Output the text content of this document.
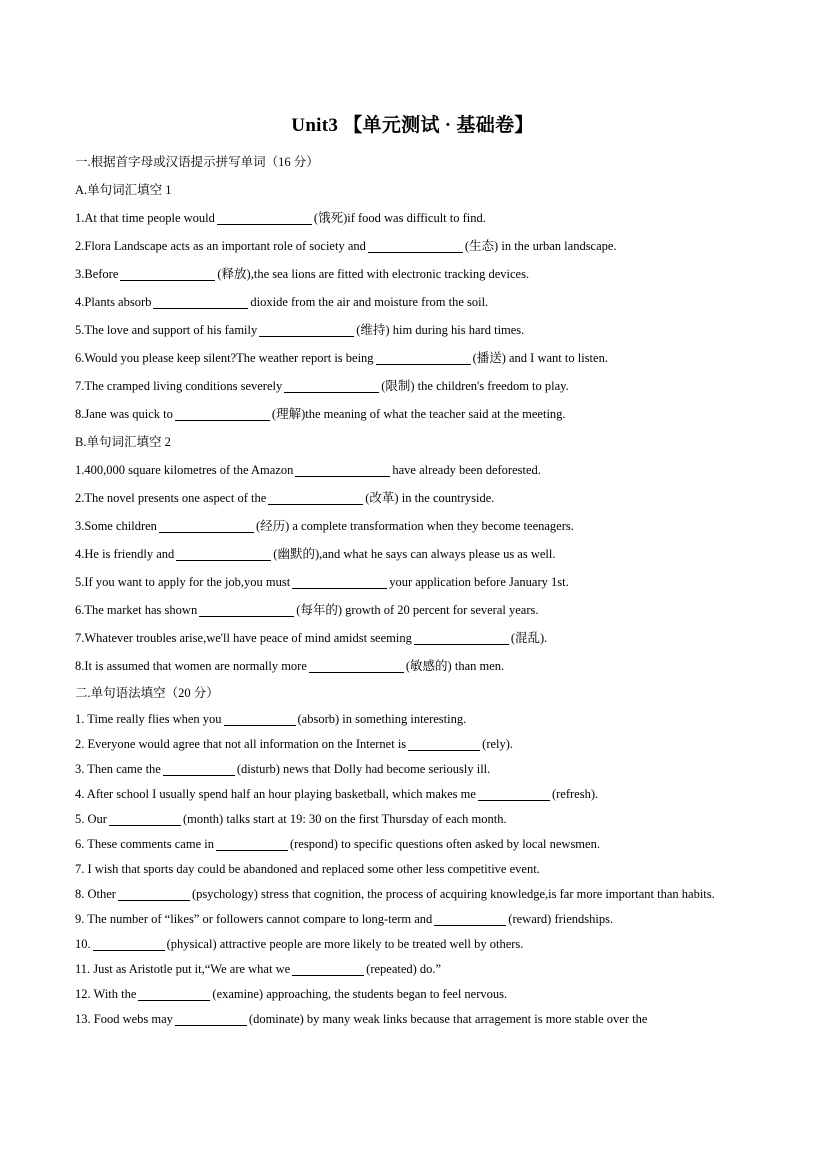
Unit3 【单元测试 · 基础卷】
一.根据首字母或汉语提示拼写单词（16 分）
A.单句词汇填空 1
1.At that time people would	(饿死)if food was difficult to find.
2.Flora Landscape acts as an important role of society and	(生态) in the urban landscape.
3.Before	(释放),the sea lions are fitted with electronic tracking devices.
4.Plants absorb	dioxide from the air and moisture from the soil.
5.The love and support of his family	(维持) him during his hard times.
6.Would you please keep silent?The weather report is being	(播送) and I want to listen.
7.The cramped living conditions severely	(限制) the children's freedom to play.
8.Jane was quick to	(理解)the meaning of what the teacher said at the meeting.
B.单句词汇填空 2
1.400,000 square kilometres of the Amazon	have already been deforested.
2.The novel presents one aspect of the	(改革) in the countryside.
3.Some children	(经历) a complete transformation when they become teenagers.
4.He is friendly and	(幽默的),and what he says can always please us as well.
5.If you want to apply for the job,you must	your application before January 1st.
6.The market has shown	(每年的) growth of 20 percent for several years.
7.Whatever troubles arise,we'll have peace of mind amidst seeming	(混乱).
8.It is assumed that women are normally more	(敏感的) than men.
二.单句语法填空（20 分）
1. Time really flies when you	(absorb) in something interesting.
2. Everyone would agree that not all information on the Internet is	(rely).
3. Then came the	(disturb) news that Dolly had become seriously ill.
4. After school I usually spend half an hour playing basketball, which makes me	(refresh).
5. Our	(month) talks start at 19: 30 on the first Thursday of each month.
6. These comments came in	(respond) to specific questions often asked by local newsmen.
7. I wish that sports day could be abandoned and replaced some other less competitive event.
8. Other	(psychology) stress that cognition, the process of acquiring knowledge,is far more important than habits.
9. The number of “likes” or followers cannot compare to long-term and	(reward) friendships.
10.	(physical) attractive people are more likely to be treated well by others.
11. Just as Aristotle put it,“We are what we	(repeated) do.”
12. With the	(examine) approaching, the students began to feel nervous.
13. Food webs may	(dominate) by many weak links because that arragement is more stable over the
